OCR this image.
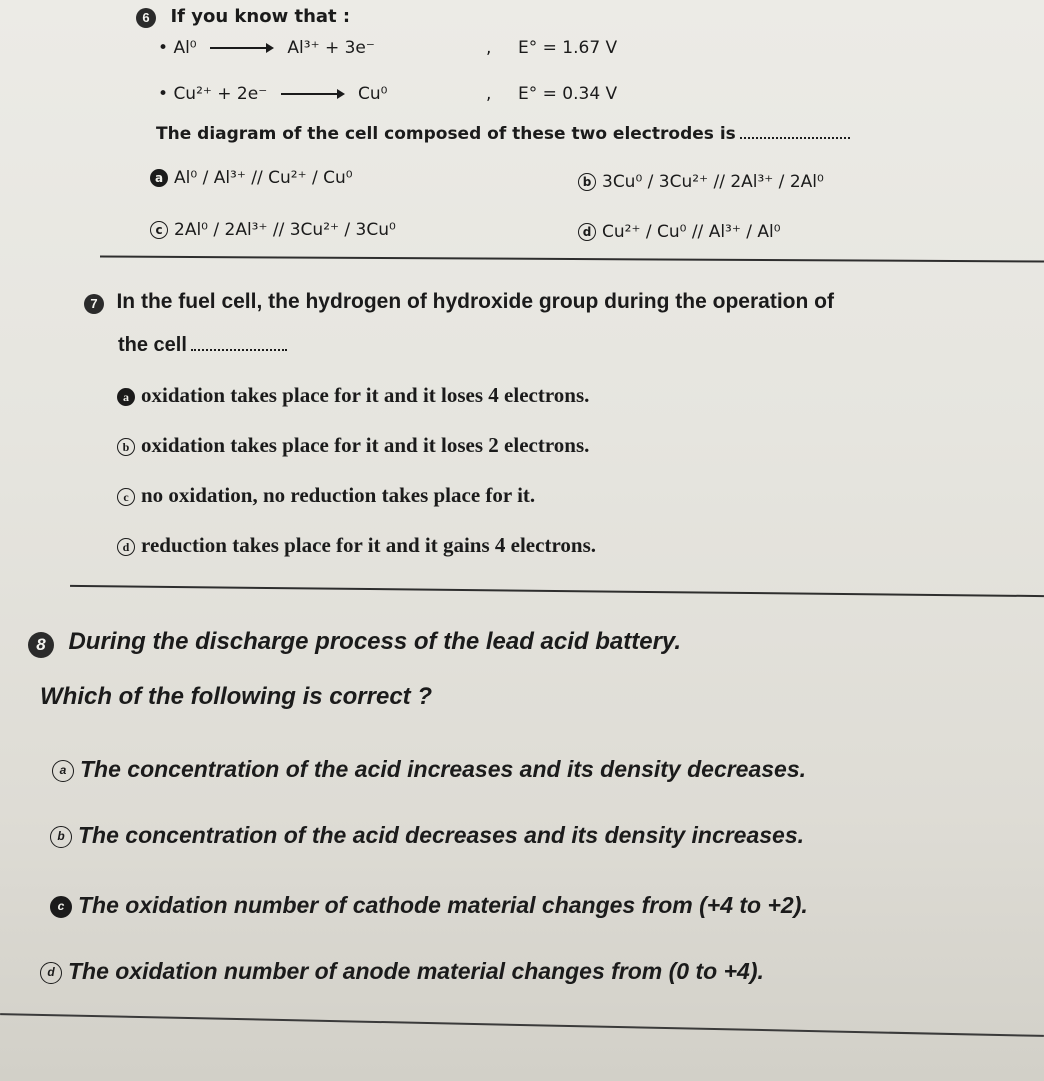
6 If you know that :
• Al⁰	Al³⁺ + 3e⁻	, E° = 1.67 V
• Cu²⁺ + 2e⁻	Cu⁰	, E° = 0.34 V
The diagram of the cell composed of these two electrodes is
a Al⁰ / Al³⁺ // Cu²⁺ / Cu⁰	b 3Cu⁰ / 3Cu²⁺ // 2Al³⁺ / 2Al⁰
c 2Al⁰ / 2Al³⁺ // 3Cu²⁺ / 3Cu⁰	d Cu²⁺ / Cu⁰ // Al³⁺ / Al⁰
7 In the fuel cell, the hydrogen of hydroxide group during the operation of
the cell
a oxidation takes place for it and it loses 4 electrons.
b oxidation takes place for it and it loses 2 electrons.
c no oxidation, no reduction takes place for it.
d reduction takes place for it and it gains 4 electrons.
8 During the discharge process of the lead acid battery.
Which of the following is correct ?
a The concentration of the acid increases and its density decreases.
b The concentration of the acid decreases and its density increases.
c The oxidation number of cathode material changes from (+4 to +2).
d The oxidation number of anode material changes from (0 to +4).
